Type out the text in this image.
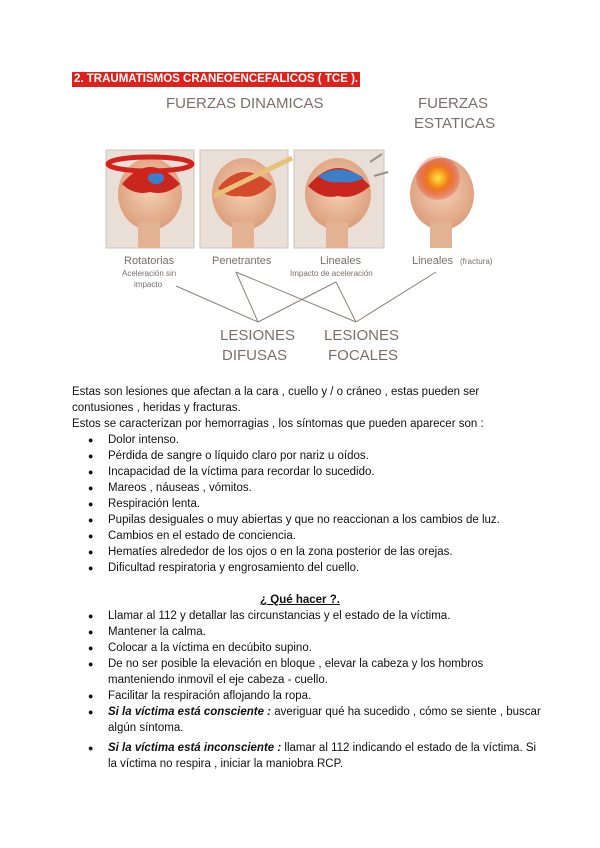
2. TRAUMATISMOS CRANEOENCEFALICOS ( TCE ).
FUERZAS DINAMICAS	FUERZAS
ESTATICAS
Rotatorias
Aceleración sin
impacto
Penetrantes	Lineales
Impacto de aceleración
Lineales (fractura)
LESIONES
DIFUSAS
LESIONES
FOCALES

Estas son lesiones que afectan a la cara , cuello y / o cráneo , estas pueden ser

contusiones , heridas y fracturas.

Estos se caracterizan por hemorragias , los síntomas que pueden aparecer son :

● Dolor intenso.
● Pérdida de sangre o líquido claro por nariz u oídos.
● Incapacidad de la víctima para recordar lo sucedido.
● Mareos , náuseas , vómitos.
● Respiración lenta.
● Pupilas desiguales o muy abiertas y que no reaccionan a los cambios de luz.
● Cambios en el estado de conciencia.
● Hematíes alrededor de los ojos o en la zona posterior de las orejas.
● Dificultad respiratoria y engrosamiento del cuello.
¿ Qué hacer ?.
● Llamar al 112 y detallar las circunstancias y el estado de la víctima.
● Mantener la calma.
● Colocar a la víctima en decúbito supino.
● De no ser posible la elevación en bloque , elevar la cabeza y los hombros manteniendo inmovil el eje cabeza - cuello.
● Facilitar la respiración aflojando la ropa.
● Si la víctima está consciente : averiguar qué ha sucedido , cómo se siente , buscar algún síntoma.
● Si la víctima está inconsciente : llamar al 112 indicando el estado de la víctima. Si la víctima no respira , iniciar la maniobra RCP.
